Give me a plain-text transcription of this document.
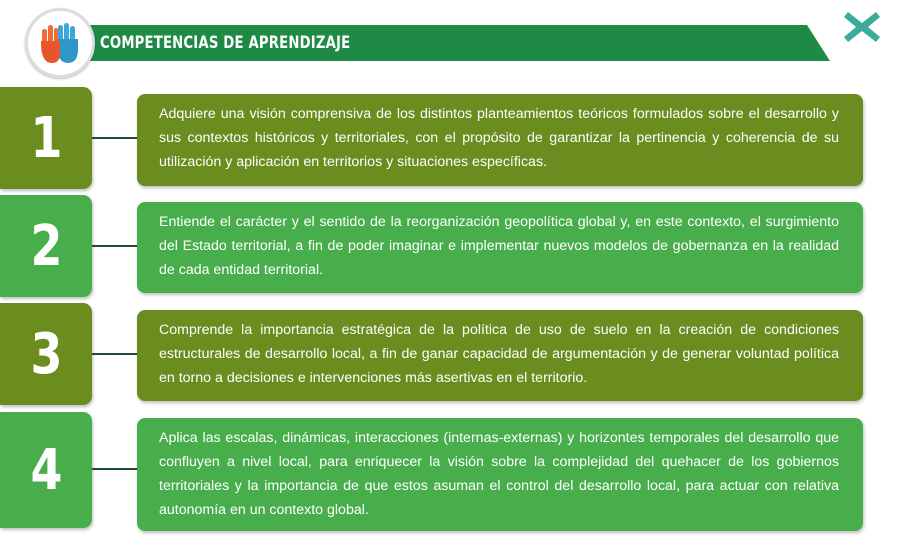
COMPETENCIAS DE APRENDIZAJE
1	Adquiere una visión comprensiva de los distintos planteamientos teóricos formulados sobre el desarrollo y sus contextos históricos y territoriales, con el propósito de garantizar la pertinencia y coherencia de su utilización y aplicación en territorios y situaciones específicas.
2	Entiende el carácter y el sentido de la reorganización geopolítica global y, en este contexto, el surgimiento del Estado territorial, a fin de poder imaginar e implementar nuevos modelos de gobernanza en la realidad de cada entidad territorial.
3	Comprende la importancia estratégica de la política de uso de suelo en la creación de condiciones estructurales de desarrollo local, a fin de ganar capacidad de argumentación y de generar voluntad política en torno a decisiones e intervenciones más asertivas en el territorio.
4	Aplica las escalas, dinámicas, interacciones (internas-externas) y horizontes temporales del desarrollo que confluyen a nivel local, para enriquecer la visión sobre la complejidad del quehacer de los gobiernos territoriales y la importancia de que estos asuman el control del desarrollo local, para actuar con relativa autonomía en un contexto global.
